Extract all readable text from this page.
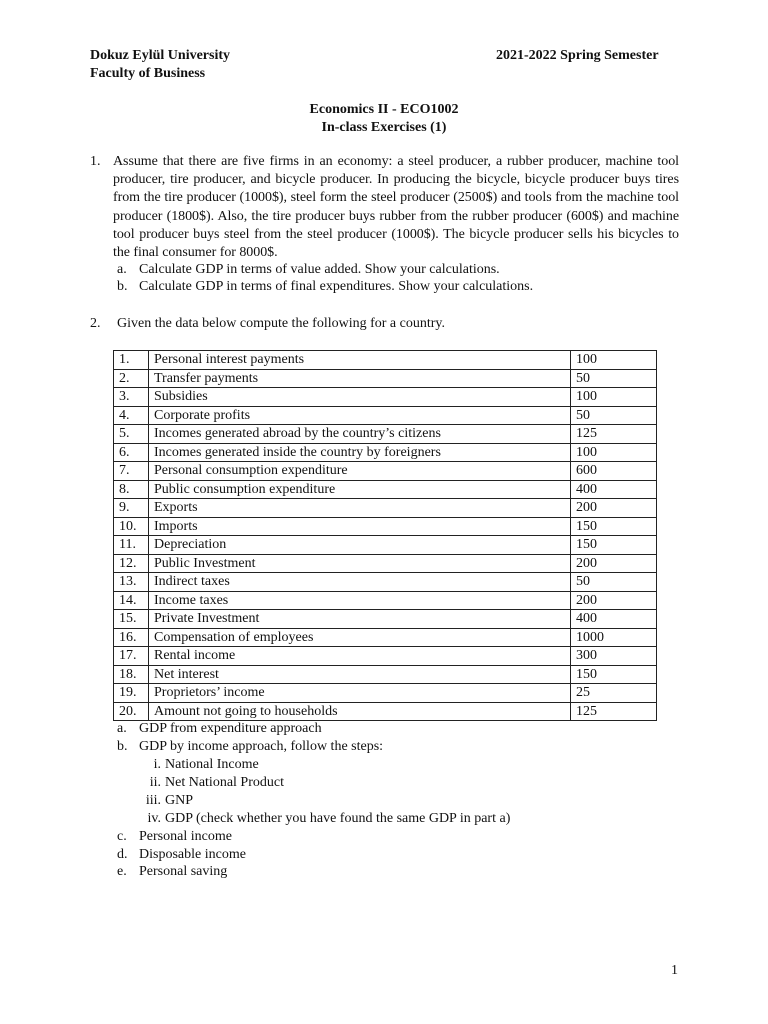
Dokuz Eylül University
Faculty of Business
2021-2022 Spring Semester
Economics II - ECO1002
In-class Exercises (1)
1. Assume that there are five firms in an economy: a steel producer, a rubber producer, machine tool producer, tire producer, and bicycle producer. In producing the bicycle, bicycle producer buys tires from the tire producer (1000$), steel form the steel producer (2500$) and tools from the machine tool producer (1800$). Also, the tire producer buys rubber from the rubber producer (600$) and machine tool producer buys steel from the steel producer (1000$). The bicycle producer sells his bicycles to the final consumer for 8000$.
a. Calculate GDP in terms of value added. Show your calculations.
b. Calculate GDP in terms of final expenditures. Show your calculations.
2. Given the data below compute the following for a country.
1.	Personal interest payments	100
2.	Transfer payments	50
3.	Subsidies	100
4.	Corporate profits	50
5.	Incomes generated abroad by the country’s citizens	125
6.	Incomes generated inside the country by foreigners	100
7.	Personal consumption expenditure	600
8.	Public consumption expenditure	400
9.	Exports	200
10.	Imports	150
11.	Depreciation	150
12.	Public Investment	200
13.	Indirect taxes	50
14.	Income taxes	200
15.	Private Investment	400
16.	Compensation of employees	1000
17.	Rental income	300
18.	Net interest	150
19.	Proprietors’ income	25
20.	Amount not going to households	125
a. GDP from expenditure approach
b. GDP by income approach, follow the steps:
i. National Income
ii. Net National Product
iii. GNP
iv. GDP (check whether you have found the same GDP in part a)
c. Personal income
d. Disposable income
e. Personal saving
1
